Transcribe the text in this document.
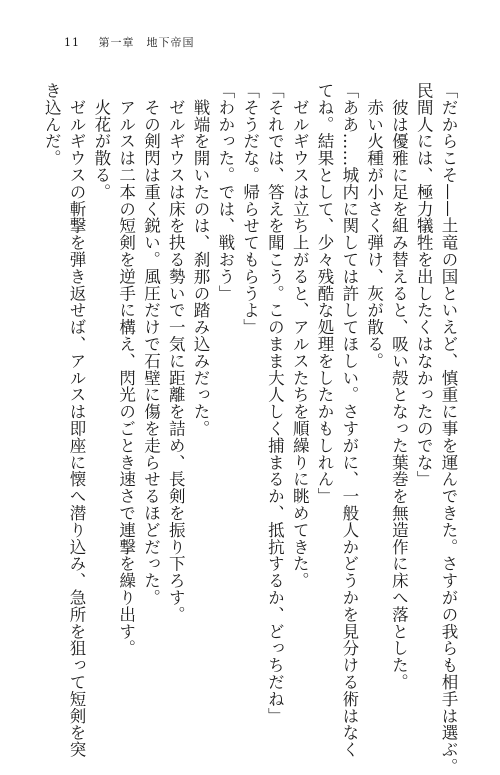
11 第一章　地下帝国

「だからこそ——土竜の国といえど、慎重に事を運んできた。さすがの我らも相手は選ぶ。

民間人には、極力犠牲を出したくはなかったのでな」

　彼は優雅に足を組み替えると、吸い殻となった葉巻を無造作に床へ落とした。

　赤い火種が小さく弾け、灰が散る。

「ああ……城内に関しては許してほしい。さすがに、一般人かどうかを見分ける術はなく

てね。結果として、少々残酷な処理をしたかもしれん」

　ゼルギウスは立ち上がると、アルスたちを順繰りに眺めてきた。

「それでは、答えを聞こう。このまま大人しく捕まるか、抵抗するか、どっちだね」

「そうだな。帰らせてもらうよ」

「わかった。では、戦おう」

　戦端を開いたのは、刹那の踏み込みだった。

　ゼルギウスは床を抉る勢いで一気に距離を詰め、長剣を振り下ろす。

　その剣閃は重く鋭い。風圧だけで石壁に傷を走らせるほどだった。

　アルスは二本の短剣を逆手に構え、閃光のごとき速さで連撃を繰り出す。

　火花が散る。

　ゼルギウスの斬撃を弾き返せば、アルスは即座に懐へ潜り込み、急所を狙って短剣を突

き込んだ。
